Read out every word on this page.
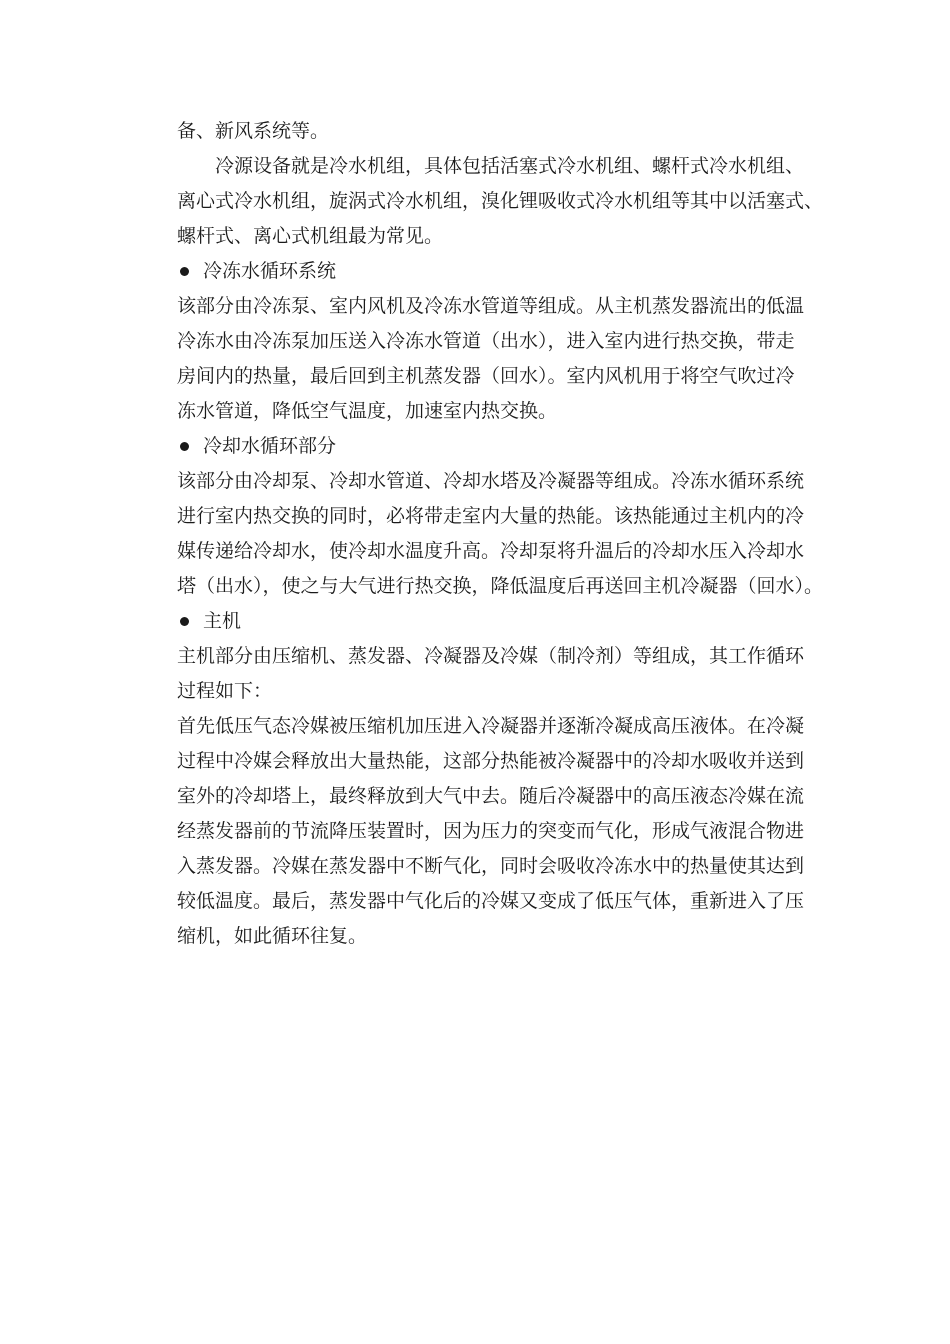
备、新风系统等。

冷源设备就是冷水机组，具体包括活塞式冷水机组、螺杆式冷水机组、
离心式冷水机组，旋涡式冷水机组，溴化锂吸收式冷水机组等其中以活塞式、
螺杆式、离心式机组最为常见。

冷冻水循环系统

该部分由冷冻泵、室内风机及冷冻水管道等组成。从主机蒸发器流出的低温
冷冻水由冷冻泵加压送入冷冻水管道（出水），进入室内进行热交换，带走
房间内的热量，最后回到主机蒸发器（回水）。室内风机用于将空气吹过冷
冻水管道，降低空气温度，加速室内热交换。

冷却水循环部分

该部分由冷却泵、冷却水管道、冷却水塔及冷凝器等组成。冷冻水循环系统
进行室内热交换的同时，必将带走室内大量的热能。该热能通过主机内的冷
媒传递给冷却水，使冷却水温度升高。冷却泵将升温后的冷却水压入冷却水
塔（出水），使之与大气进行热交换，降低温度后再送回主机冷凝器（回水）。

主机

主机部分由压缩机、蒸发器、冷凝器及冷媒（制冷剂）等组成，其工作循环
过程如下：
首先低压气态冷媒被压缩机加压进入冷凝器并逐渐冷凝成高压液体。在冷凝
过程中冷媒会释放出大量热能，这部分热能被冷凝器中的冷却水吸收并送到
室外的冷却塔上，最终释放到大气中去。随后冷凝器中的高压液态冷媒在流
经蒸发器前的节流降压装置时，因为压力的突变而气化，形成气液混合物进
入蒸发器。冷媒在蒸发器中不断气化，同时会吸收冷冻水中的热量使其达到
较低温度。最后，蒸发器中气化后的冷媒又变成了低压气体，重新进入了压
缩机，如此循环往复。
